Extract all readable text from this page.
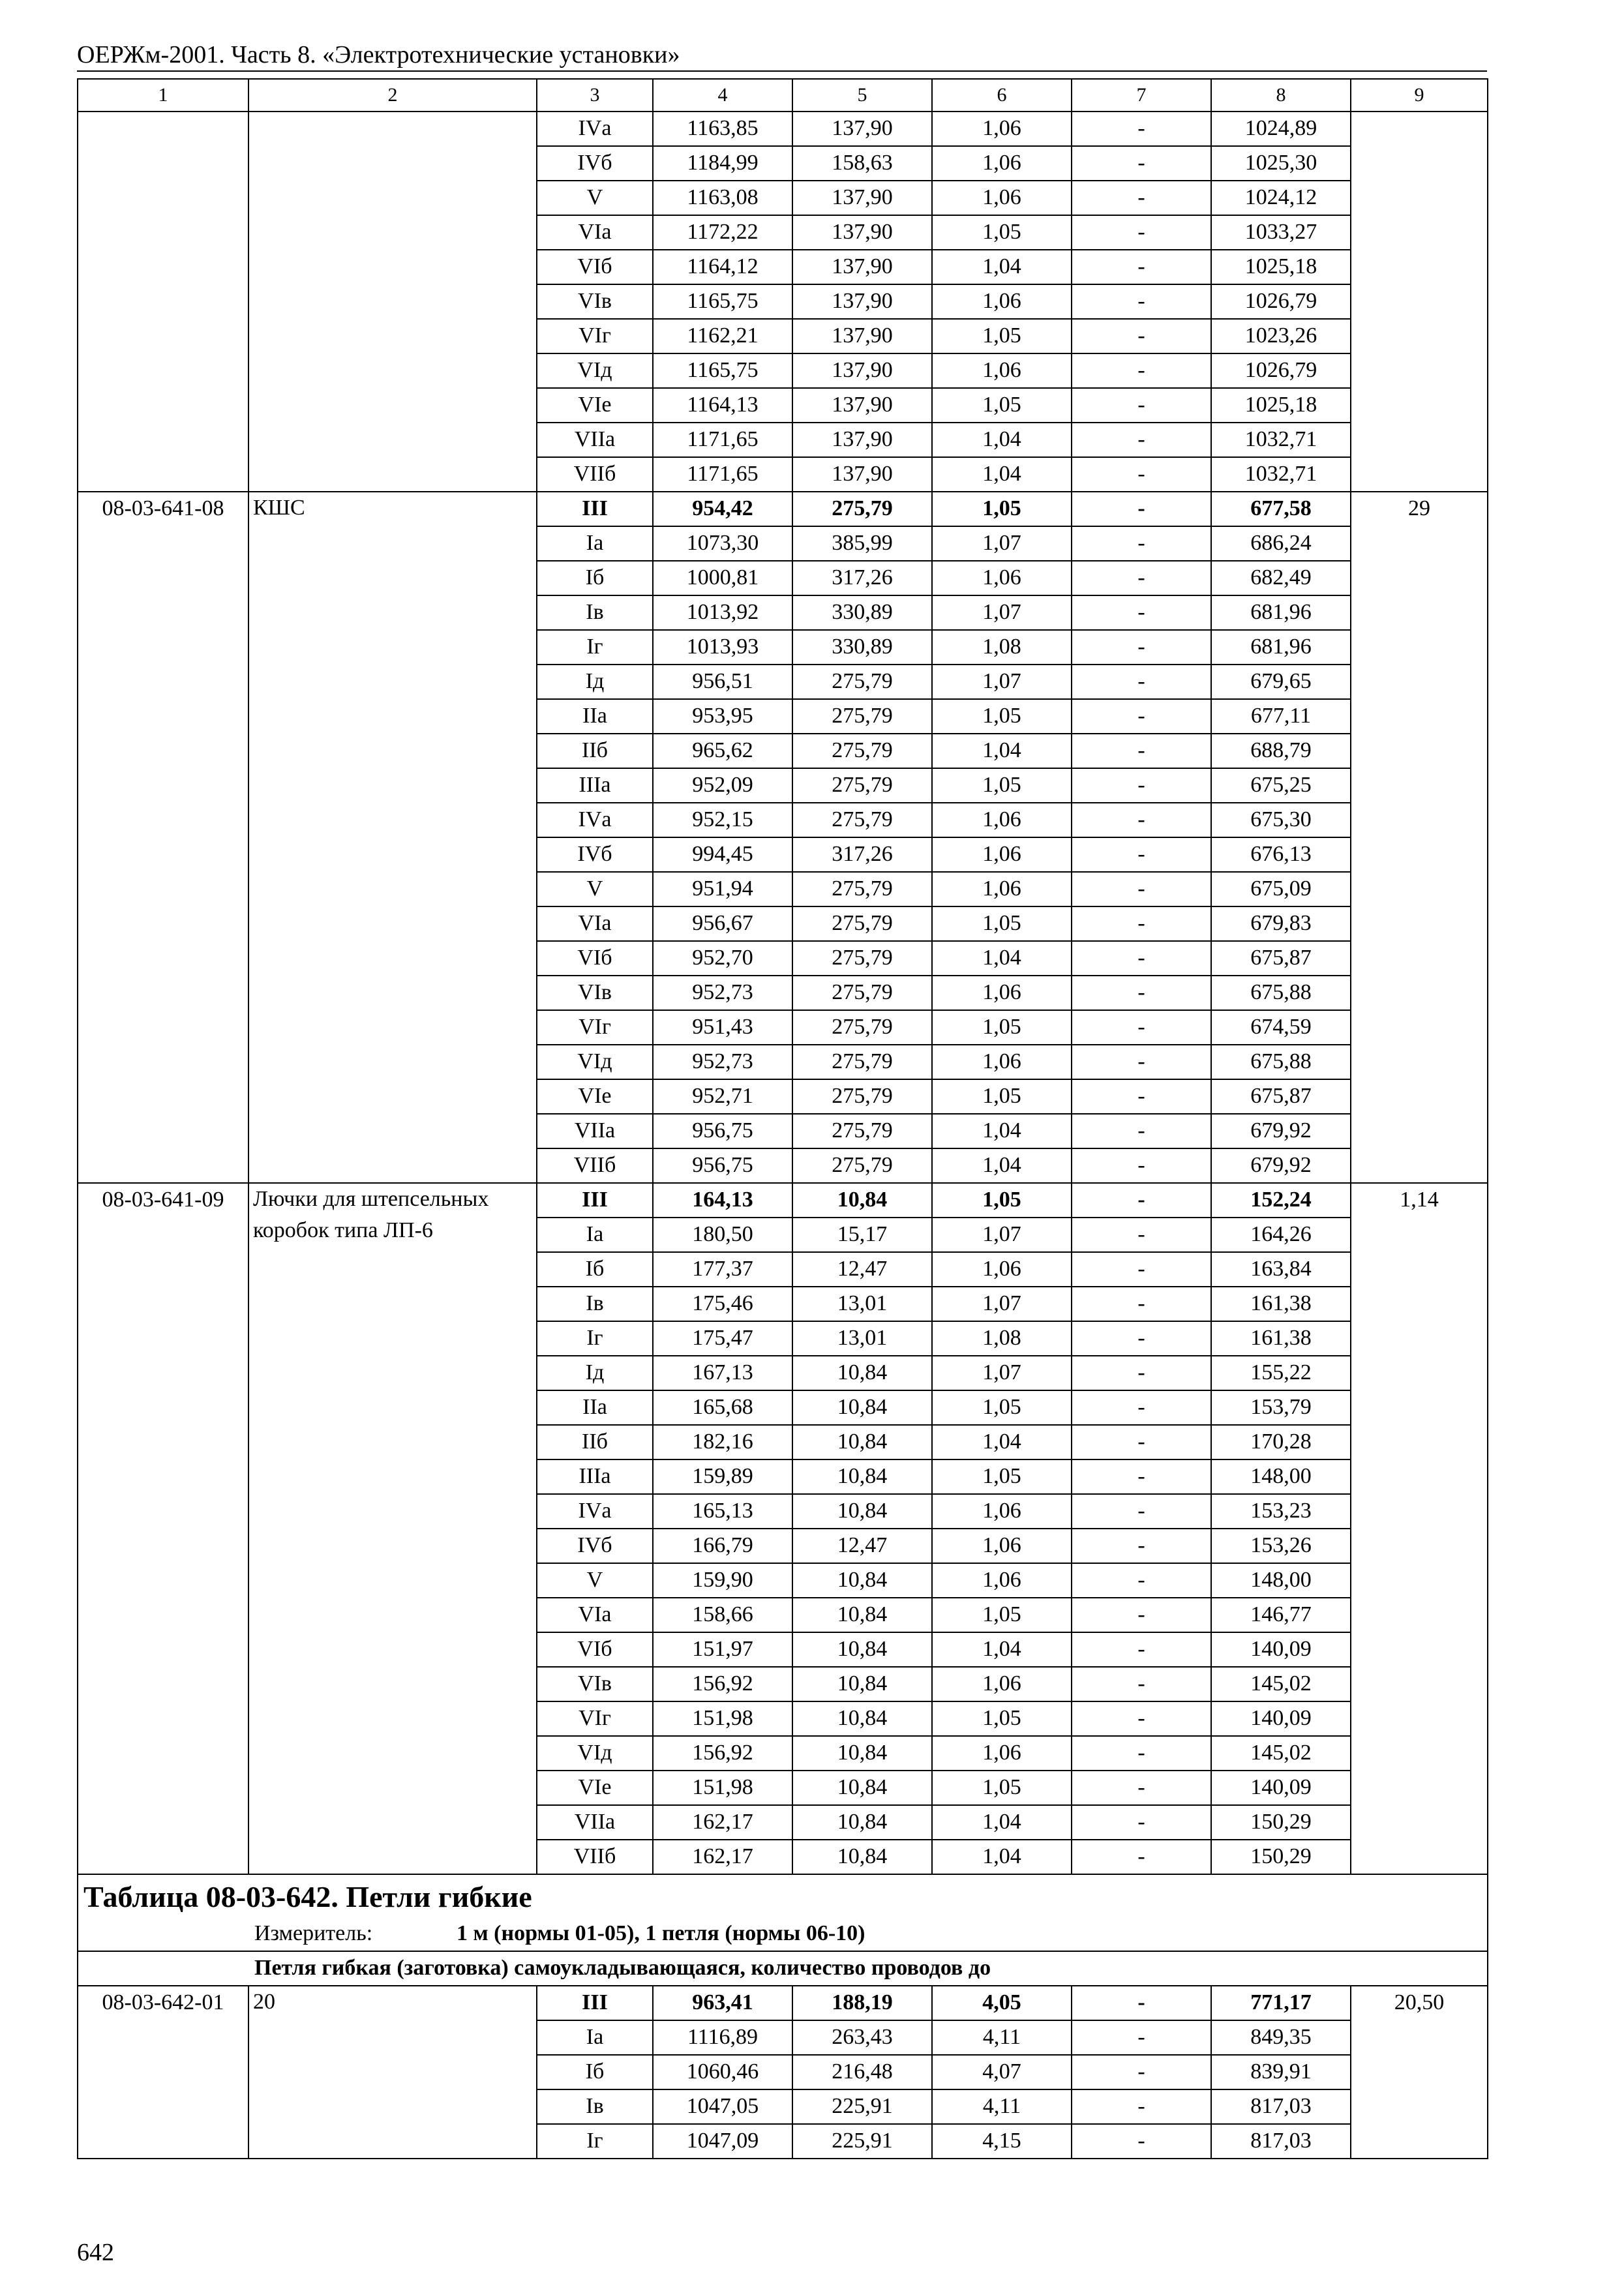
ОЕРЖм-2001. Часть 8. «Электротехнические установки»
1	2	3	4	5	6	7	8	9
		IVа	1163,85	137,90	1,06	-	1024,89	
		IVб	1184,99	158,63	1,06	-	1025,30	
		V	1163,08	137,90	1,06	-	1024,12	
		VIа	1172,22	137,90	1,05	-	1033,27	
		VIб	1164,12	137,90	1,04	-	1025,18	
		VIв	1165,75	137,90	1,06	-	1026,79	
		VIг	1162,21	137,90	1,05	-	1023,26	
		VIд	1165,75	137,90	1,06	-	1026,79	
		VIе	1164,13	137,90	1,05	-	1025,18	
		VIIа	1171,65	137,90	1,04	-	1032,71	
		VIIб	1171,65	137,90	1,04	-	1032,71	
08-03-641-08	КШС	III	954,42	275,79	1,05	-	677,58	29
		Iа	1073,30	385,99	1,07	-	686,24	
		Iб	1000,81	317,26	1,06	-	682,49	
		Iв	1013,92	330,89	1,07	-	681,96	
		Iг	1013,93	330,89	1,08	-	681,96	
		Iд	956,51	275,79	1,07	-	679,65	
		IIа	953,95	275,79	1,05	-	677,11	
		IIб	965,62	275,79	1,04	-	688,79	
		IIIа	952,09	275,79	1,05	-	675,25	
		IVа	952,15	275,79	1,06	-	675,30	
		IVб	994,45	317,26	1,06	-	676,13	
		V	951,94	275,79	1,06	-	675,09	
		VIа	956,67	275,79	1,05	-	679,83	
		VIб	952,70	275,79	1,04	-	675,87	
		VIв	952,73	275,79	1,06	-	675,88	
		VIг	951,43	275,79	1,05	-	674,59	
		VIд	952,73	275,79	1,06	-	675,88	
		VIе	952,71	275,79	1,05	-	675,87	
		VIIа	956,75	275,79	1,04	-	679,92	
		VIIб	956,75	275,79	1,04	-	679,92	
08-03-641-09	Лючки для штепсельных коробок типа ЛП-6	III	164,13	10,84	1,05	-	152,24	1,14
		Iа	180,50	15,17	1,07	-	164,26	
		Iб	177,37	12,47	1,06	-	163,84	
		Iв	175,46	13,01	1,07	-	161,38	
		Iг	175,47	13,01	1,08	-	161,38	
		Iд	167,13	10,84	1,07	-	155,22	
		IIа	165,68	10,84	1,05	-	153,79	
		IIб	182,16	10,84	1,04	-	170,28	
		IIIа	159,89	10,84	1,05	-	148,00	
		IVа	165,13	10,84	1,06	-	153,23	
		IVб	166,79	12,47	1,06	-	153,26	
		V	159,90	10,84	1,06	-	148,00	
		VIа	158,66	10,84	1,05	-	146,77	
		VIб	151,97	10,84	1,04	-	140,09	
		VIв	156,92	10,84	1,06	-	145,02	
		VIг	151,98	10,84	1,05	-	140,09	
		VIд	156,92	10,84	1,06	-	145,02	
		VIе	151,98	10,84	1,05	-	140,09	
		VIIа	162,17	10,84	1,04	-	150,29	
		VIIб	162,17	10,84	1,04	-	150,29	

Таблица 08-03-642. Петли гибкие
Измеритель: 1 м (нормы 01-05), 1 петля (нормы 06-10)								

Петля гибкая (заготовка) самоукладывающаяся, количество проводов до								
08-03-642-01	20	III	963,41	188,19	4,05	-	771,17	20,50
		Iа	1116,89	263,43	4,11	-	849,35	
		Iб	1060,46	216,48	4,07	-	839,91	
		Iв	1047,05	225,91	4,11	-	817,03	
		Iг	1047,09	225,91	4,15	-	817,03	
642
